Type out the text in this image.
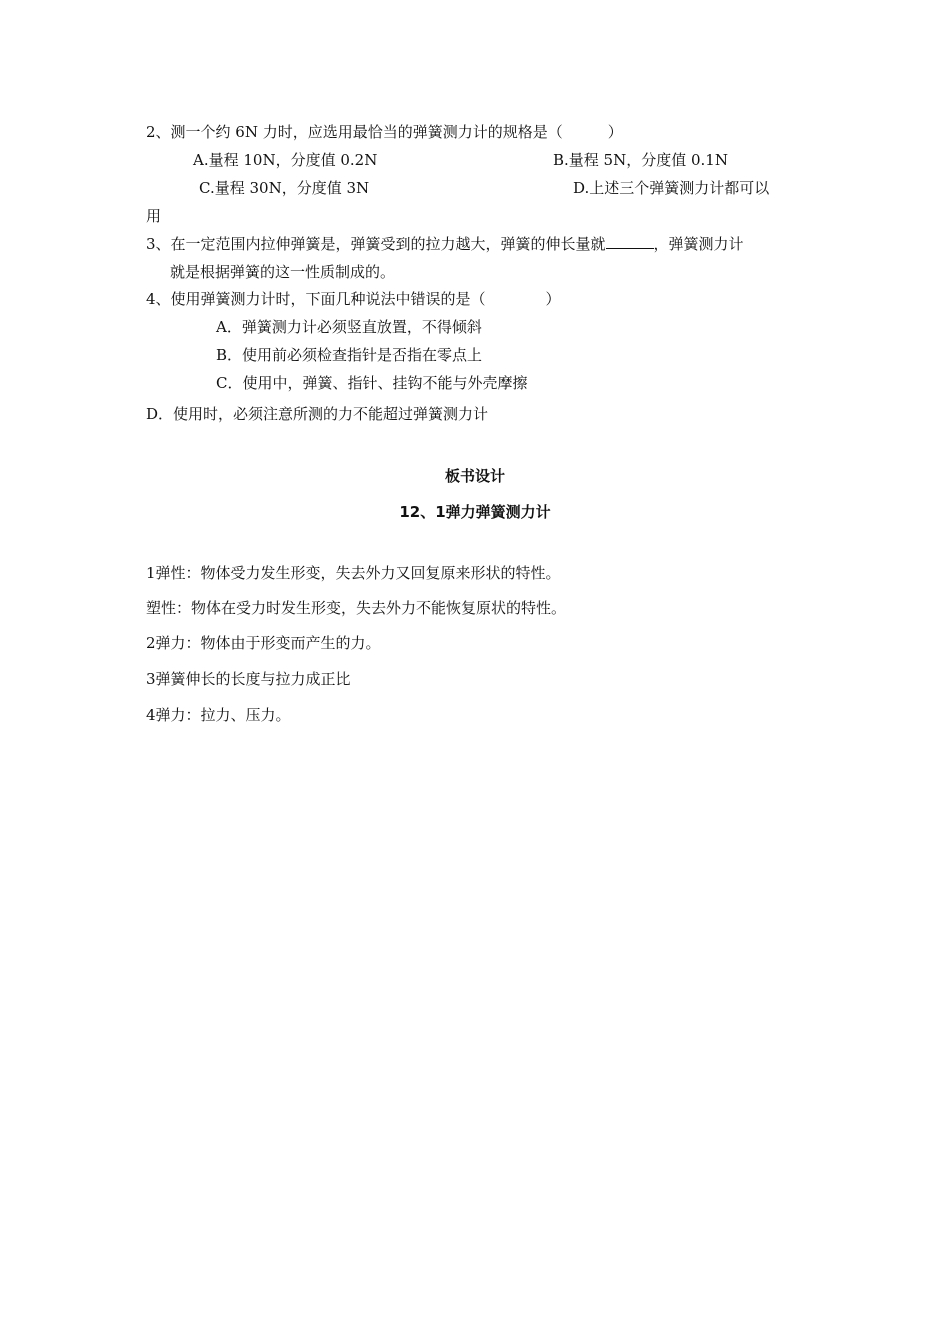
2、测一个约 6N 力时，应选用最恰当的弹簧测力计的规格是（　　　）
A.量程 10N，分度值 0.2N	B.量程 5N，分度值 0.1N
C.量程 30N，分度值 3N	D.上述三个弹簧测力计都可以
用
3、在一定范围内拉伸弹簧是，弹簧受到的拉力越大，弹簧的伸长量就	，弹簧测力计
就是根据弹簧的这一性质制成的。
4、使用弹簧测力计时，下面几种说法中错误的是（　　　　）
A．弹簧测力计必须竖直放置，不得倾斜
B．使用前必须检查指针是否指在零点上
C．使用中，弹簧、指针、挂钩不能与外壳摩擦
D．使用时，必须注意所测的力不能超过弹簧测力计
板书设计
12、1弹力弹簧测力计
1弹性：物体受力发生形变，失去外力又回复原来形状的特性。
塑性：物体在受力时发生形变，失去外力不能恢复原状的特性。
2弹力：物体由于形变而产生的力。
3弹簧伸长的长度与拉力成正比
4弹力：拉力、压力。
